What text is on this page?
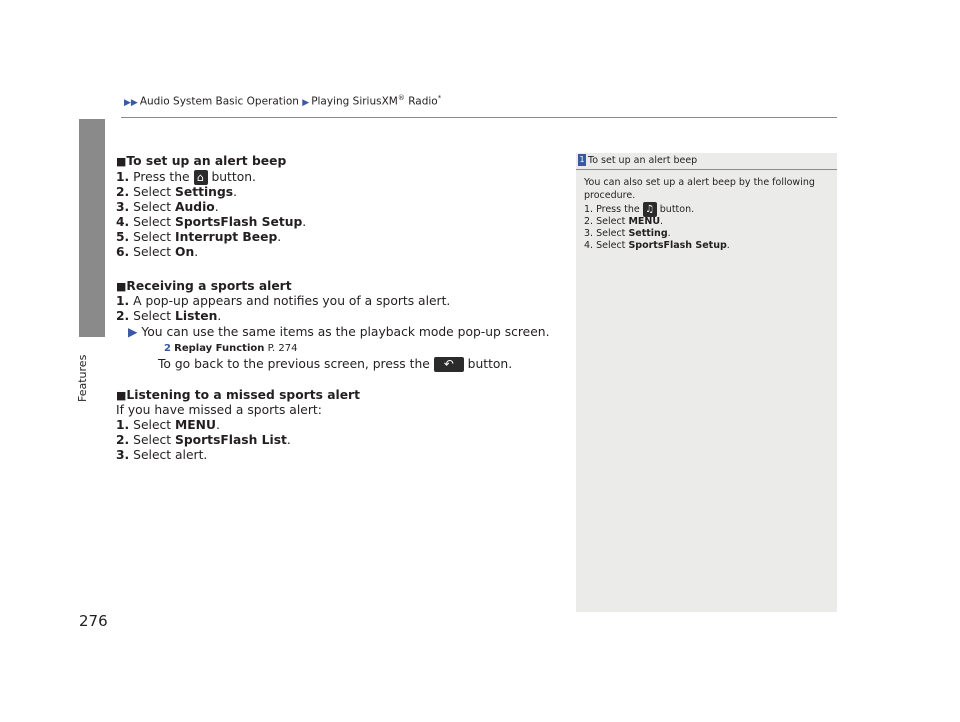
▶▶ Audio System Basic Operation ▶ Playing SiriusXM® Radio*
Features
276
■To set up an alert beep
1. Press the ⌂ button.
2. Select Settings.
3. Select Audio.
4. Select SportsFlash Setup.
5. Select Interrupt Beep.
6. Select On.
■Receiving a sports alert
1. A pop-up appears and notifies you of a sports alert.
2. Select Listen.
▶ You can use the same items as the playback mode pop-up screen.
2 Replay Function P. 274
To go back to the previous screen, press the ↶ button.
■Listening to a missed sports alert
If you have missed a sports alert:
1. Select MENU.
2. Select SportsFlash List.
3. Select alert.
1 To set up an alert beep
You can also set up a alert beep by the following
procedure.
1. Press the ♫ button.
2. Select MENU.
3. Select Setting.
4. Select SportsFlash Setup.
